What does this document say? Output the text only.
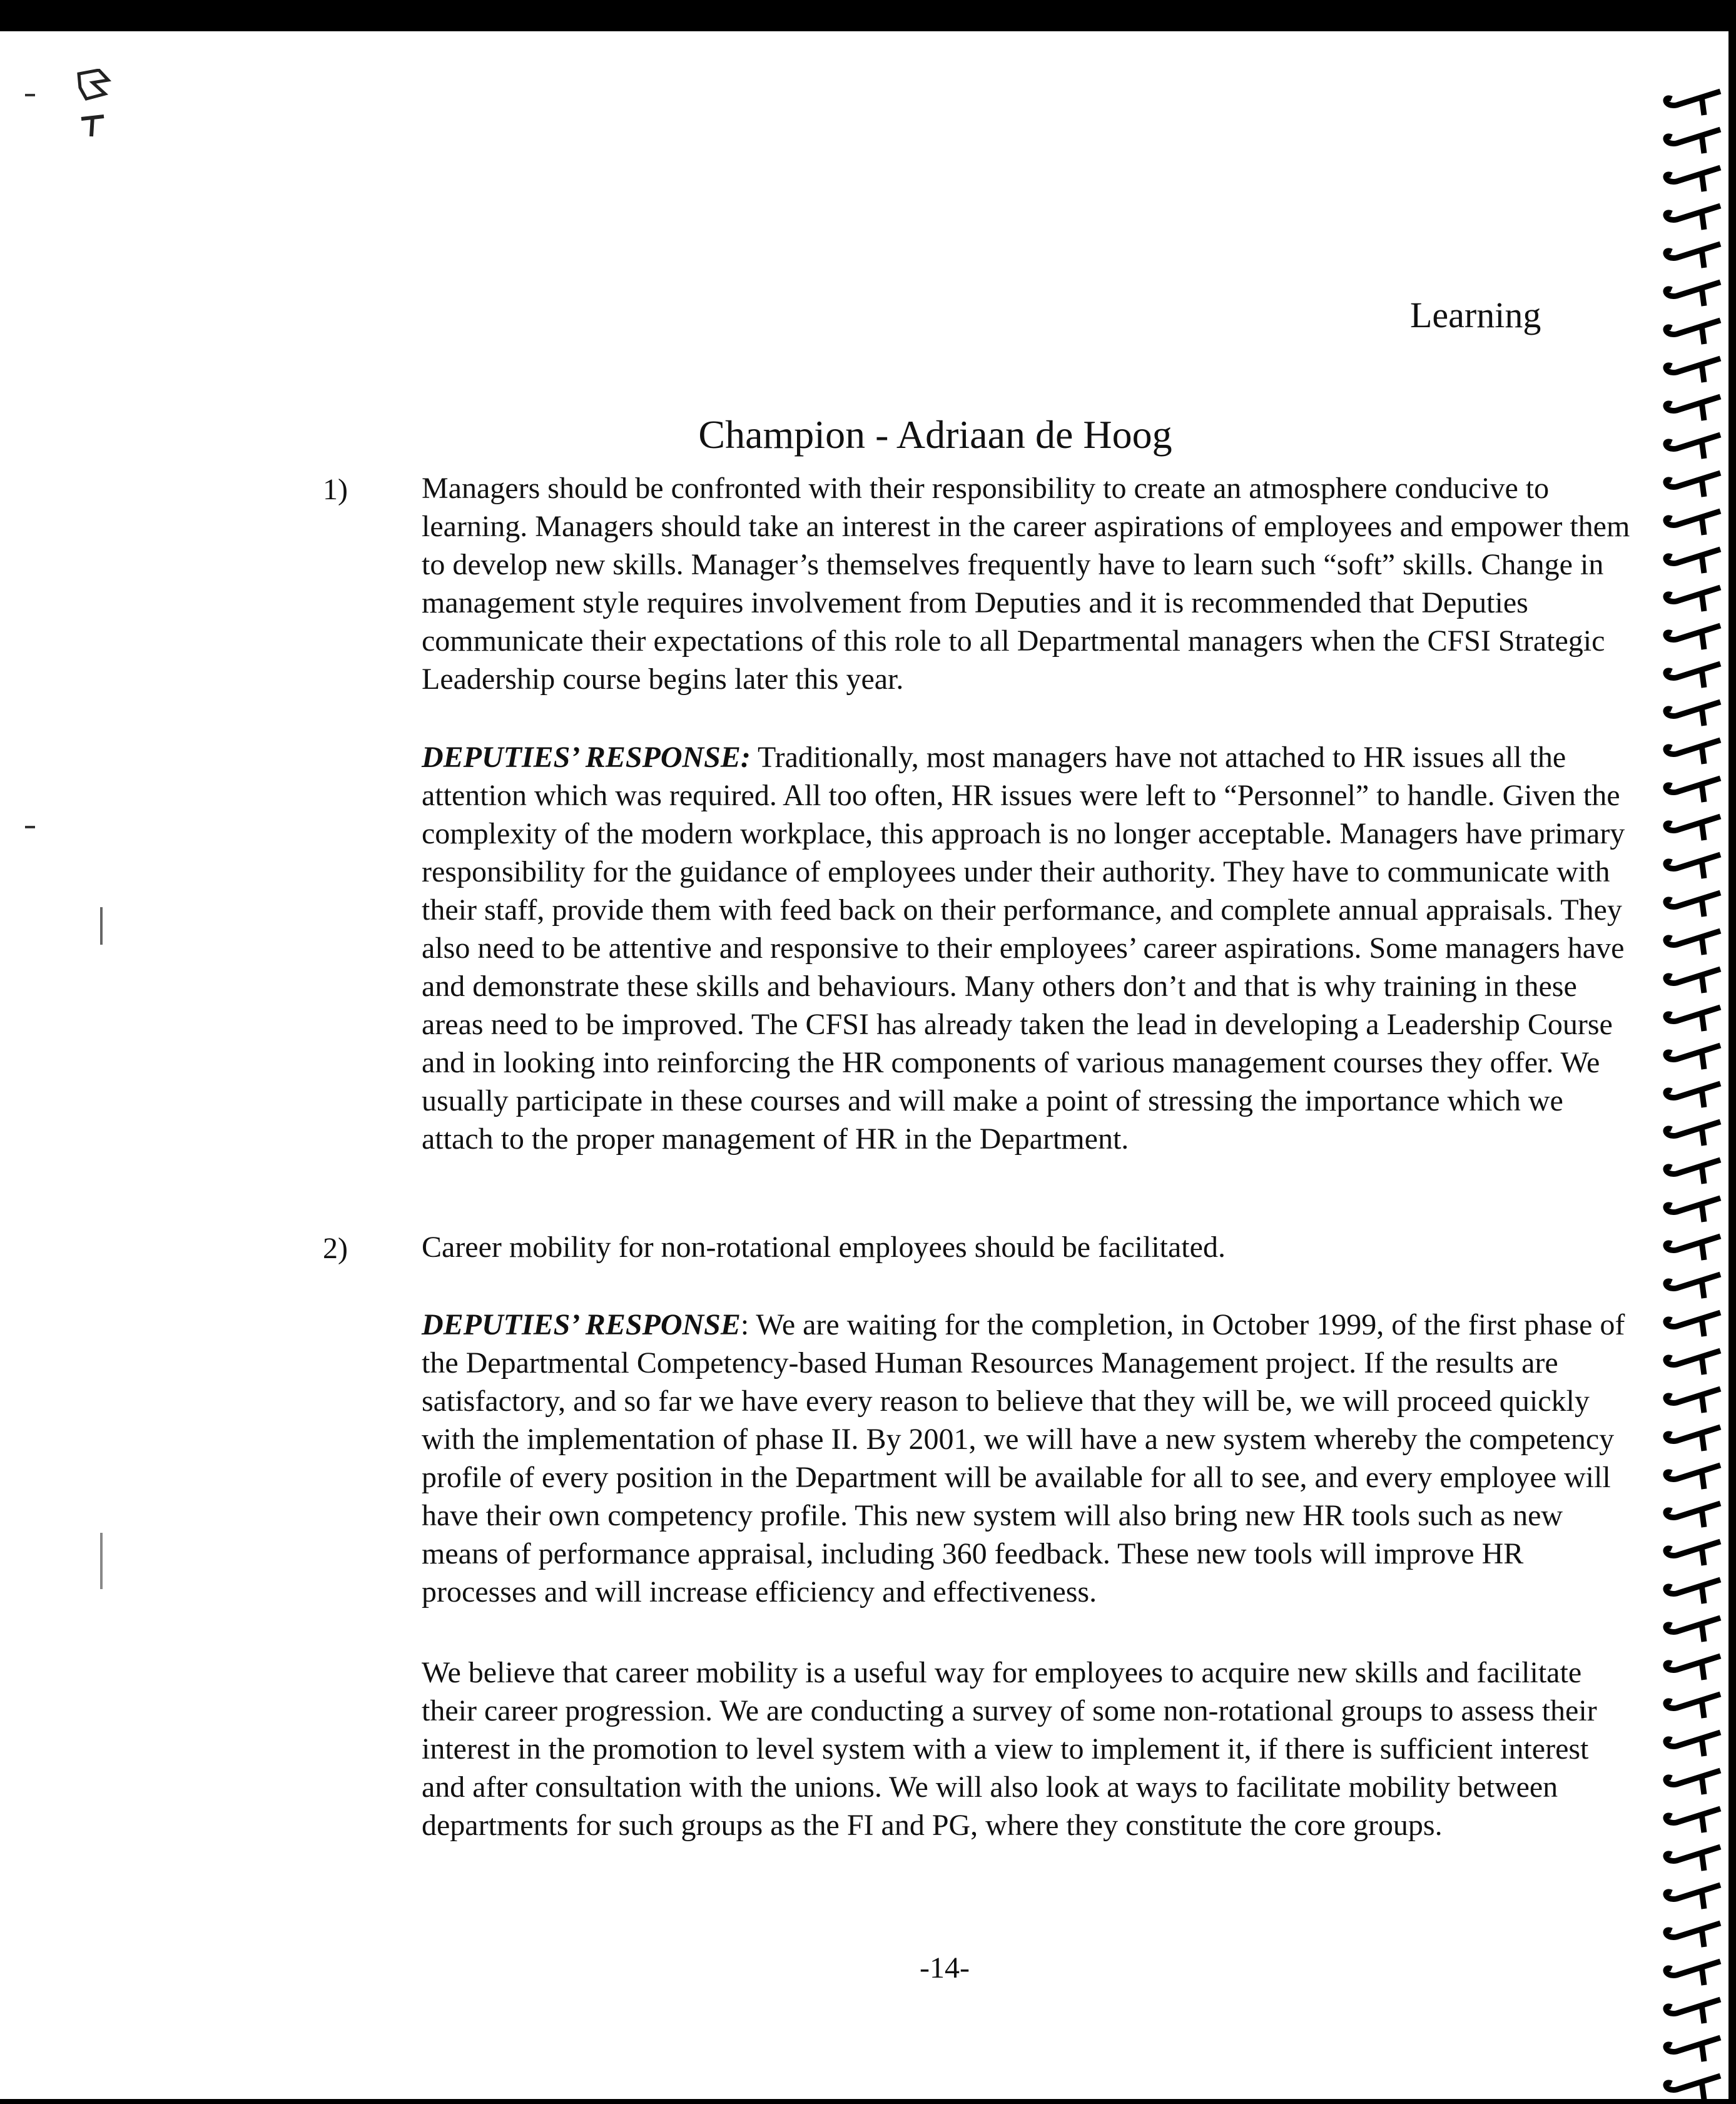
Learning
Champion - Adriaan de Hoog
1) Managers should be confronted with their responsibility to create an atmosphere conducive to learning. Managers should take an interest in the career aspirations of employees and empower them to develop new skills. Manager’s themselves frequently have to learn such “soft” skills. Change in management style requires involvement from Deputies and it is recommended that Deputies communicate their expectations of this role to all Departmental managers when the CFSI Strategic Leadership course begins later this year.
DEPUTIES’ RESPONSE: Traditionally, most managers have not attached to HR issues all the attention which was required. All too often, HR issues were left to “Personnel” to handle. Given the complexity of the modern workplace, this approach is no longer acceptable. Managers have primary responsibility for the guidance of employees under their authority. They have to communicate with their staff, provide them with feed back on their performance, and complete annual appraisals. They also need to be attentive and responsive to their employees’ career aspirations. Some managers have and demonstrate these skills and behaviours. Many others don’t and that is why training in these areas need to be improved. The CFSI has already taken the lead in developing a Leadership Course and in looking into reinforcing the HR components of various management courses they offer. We usually participate in these courses and will make a point of stressing the importance which we attach to the proper management of HR in the Department.
2) Career mobility for non-rotational employees should be facilitated.
DEPUTIES’ RESPONSE: We are waiting for the completion, in October 1999, of the first phase of the Departmental Competency-based Human Resources Management project. If the results are satisfactory, and so far we have every reason to believe that they will be, we will proceed quickly with the implementation of phase II. By 2001, we will have a new system whereby the competency profile of every position in the Department will be available for all to see, and every employee will have their own competency profile. This new system will also bring new HR tools such as new means of performance appraisal, including 360 feedback. These new tools will improve HR processes and will increase efficiency and effectiveness.
We believe that career mobility is a useful way for employees to acquire new skills and facilitate their career progression. We are conducting a survey of some non-rotational groups to assess their interest in the promotion to level system with a view to implement it, if there is sufficient interest and after consultation with the unions. We will also look at ways to facilitate mobility between departments for such groups as the FI and PG, where they constitute the core groups.
-14-
